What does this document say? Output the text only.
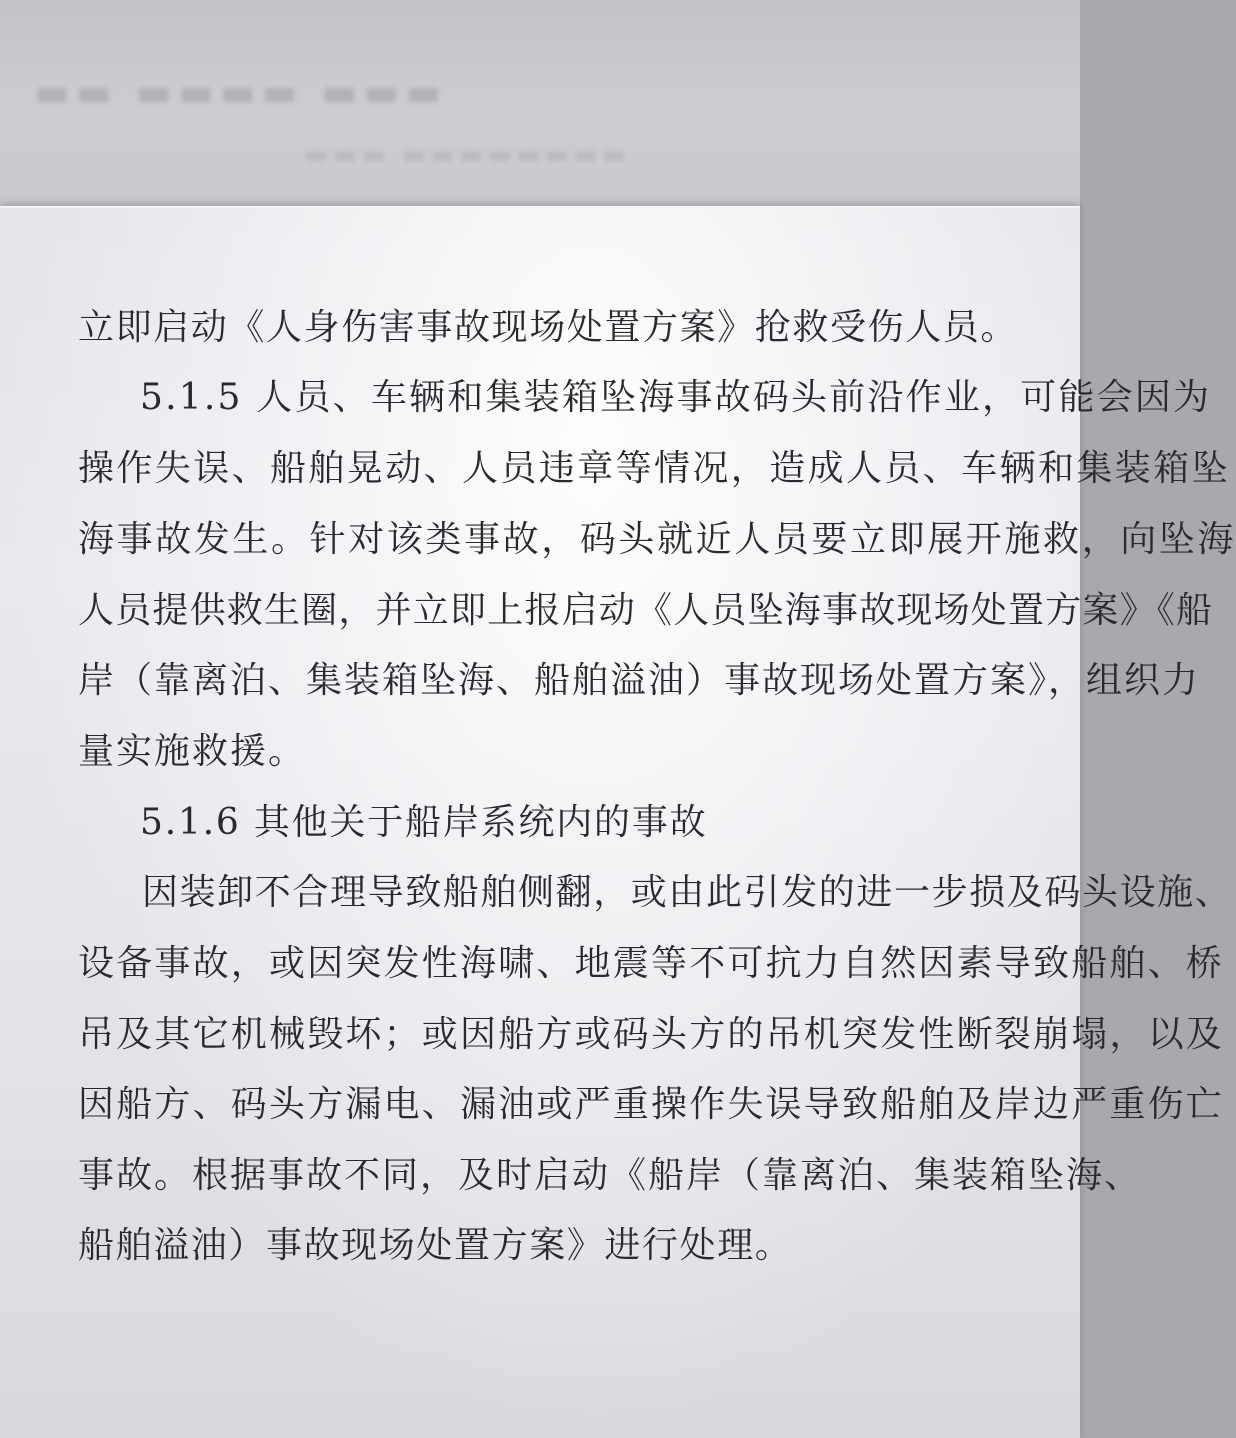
▬▬▬ ▬▬▬▬ ▬▬
▬▬▬▬▬▬▬▬ ▬▬▬
立即启动《人身伤害事故现场处置方案》抢救受伤人员。
5.1.5 人员、车辆和集装箱坠海事故码头前沿作业，可能会因为
操作失误、船舶晃动、人员违章等情况，造成人员、车辆和集装箱坠
海事故发生。针对该类事故，码头就近人员要立即展开施救，向坠海
人员提供救生圈，并立即上报启动《人员坠海事故现场处置方案》《船
岸（靠离泊、集装箱坠海、船舶溢油）事故现场处置方案》，组织力
量实施救援。
5.1.6 其他关于船岸系统内的事故
因装卸不合理导致船舶侧翻，或由此引发的进一步损及码头设施、
设备事故，或因突发性海啸、地震等不可抗力自然因素导致船舶、桥
吊及其它机械毁坏；或因船方或码头方的吊机突发性断裂崩塌，以及
因船方、码头方漏电、漏油或严重操作失误导致船舶及岸边严重伤亡
事故。根据事故不同，及时启动《船岸（靠离泊、集装箱坠海、
船舶溢油）事故现场处置方案》进行处理。
